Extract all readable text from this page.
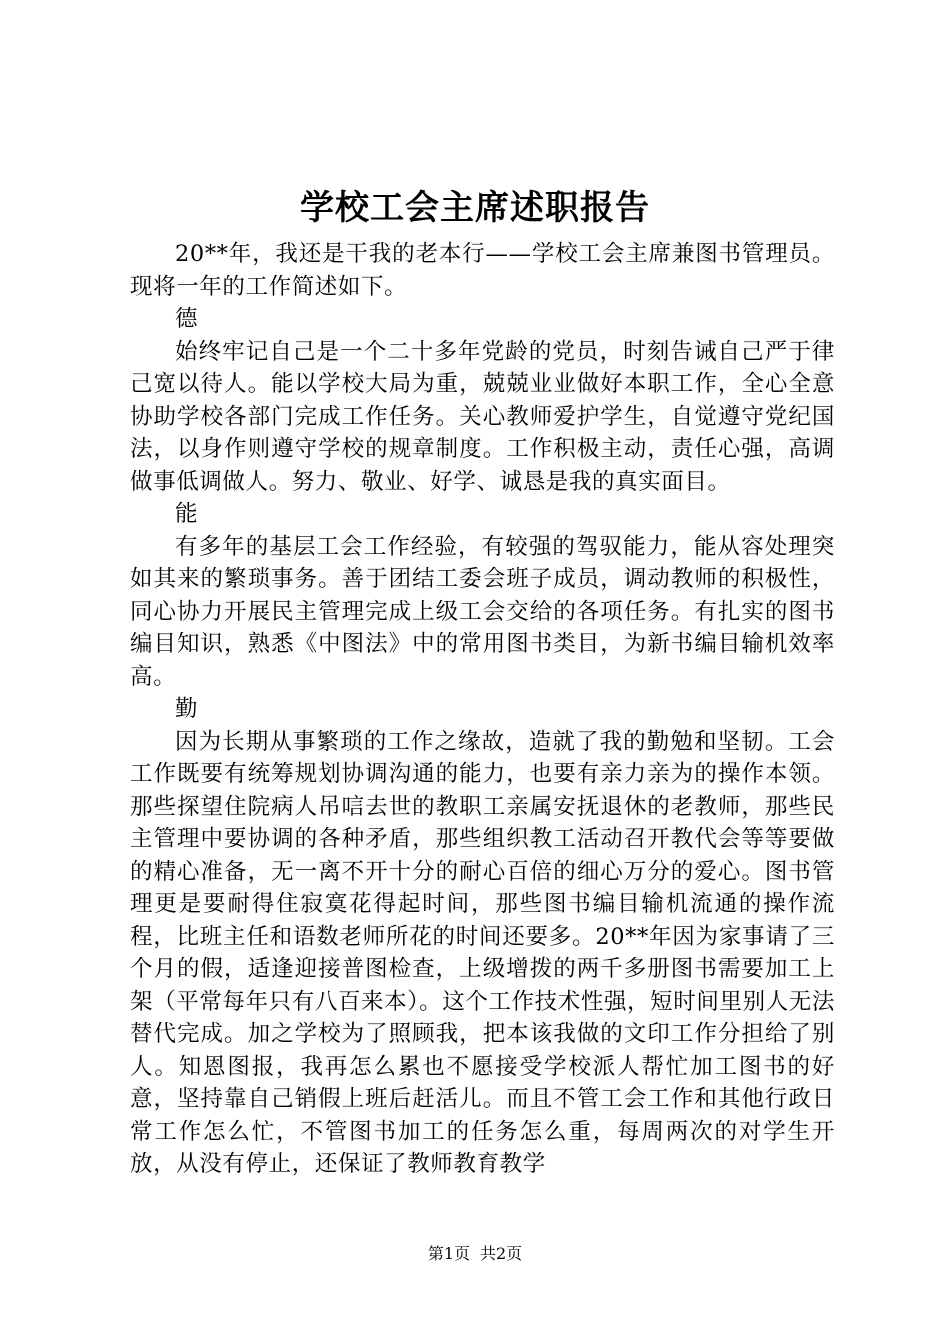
学校工会主席述职报告

20**年，我还是干我的老本行——学校工会主席兼图书管理员。现将一年的工作简述如下。

德

始终牢记自己是一个二十多年党龄的党员，时刻告诫自己严于律己宽以待人。能以学校大局为重，兢兢业业做好本职工作，全心全意协助学校各部门完成工作任务。关心教师爱护学生，自觉遵守党纪国法，以身作则遵守学校的规章制度。工作积极主动，责任心强，高调做事低调做人。努力、敬业、好学、诚恳是我的真实面目。

能

有多年的基层工会工作经验，有较强的驾驭能力，能从容处理突如其来的繁琐事务。善于团结工委会班子成员，调动教师的积极性，同心协力开展民主管理完成上级工会交给的各项任务。有扎实的图书编目知识，熟悉《中图法》中的常用图书类目，为新书编目输机效率高。

勤

因为长期从事繁琐的工作之缘故，造就了我的勤勉和坚韧。工会工作既要有统筹规划协调沟通的能力，也要有亲力亲为的操作本领。那些探望住院病人吊唁去世的教职工亲属安抚退休的老教师，那些民主管理中要协调的各种矛盾，那些组织教工活动召开教代会等等要做的精心准备，无一离不开十分的耐心百倍的细心万分的爱心。图书管理更是要耐得住寂寞花得起时间，那些图书编目输机流通的操作流程，比班主任和语数老师所花的时间还要多。20**年因为家事请了三个月的假，适逢迎接普图检查，上级增拨的两千多册图书需要加工上架（平常每年只有八百来本）。这个工作技术性强，短时间里别人无法替代完成。加之学校为了照顾我，把本该我做的文印工作分担给了别人。知恩图报，我再怎么累也不愿接受学校派人帮忙加工图书的好意，坚持靠自己销假上班后赶活儿。而且不管工会工作和其他行政日常工作怎么忙，不管图书加工的任务怎么重，每周两次的对学生开放，从没有停止，还保证了教师教育教学

第1页 共2页
